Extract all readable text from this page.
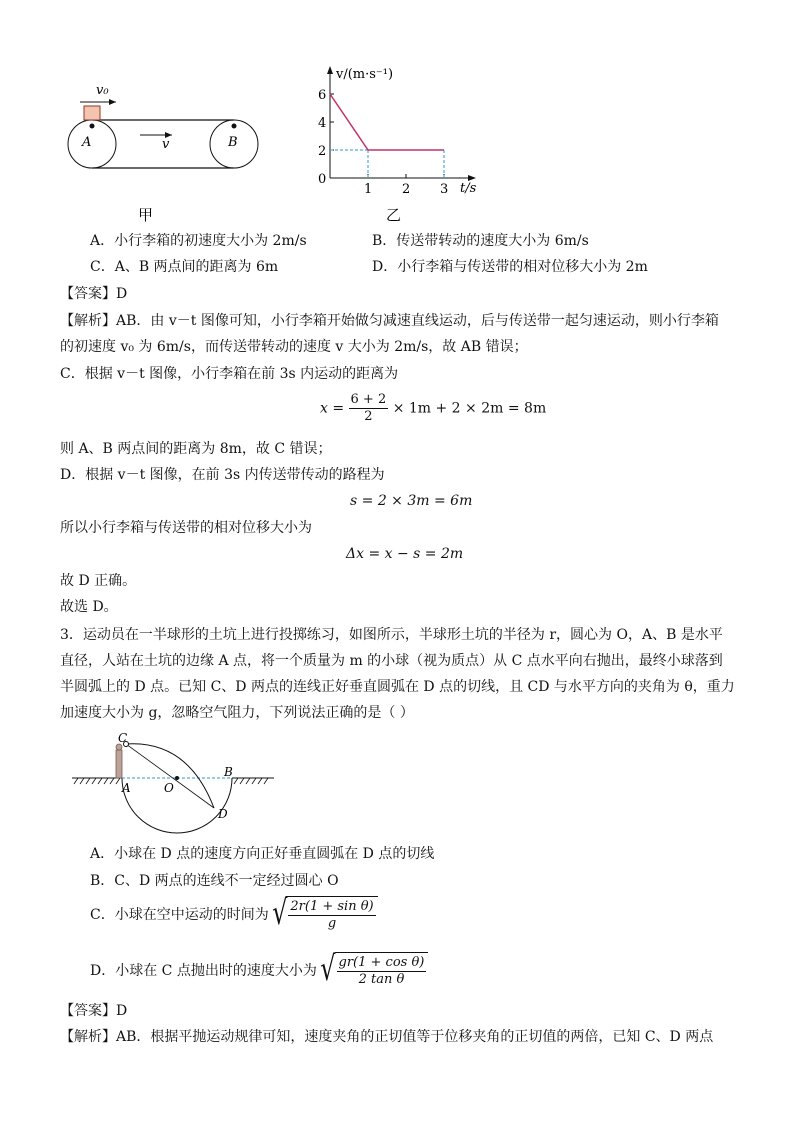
v₀
v
A	B
甲
v/(m·s⁻¹)
t/s
6
4
2
0
1 2 3
乙
A．小行李箱的初速度大小为 2m/s	B．传送带转动的速度大小为 6m/s
C．A、B 两点间的距离为 6m	D．小行李箱与传送带的相对位移大小为 2m
【答案】D
【解析】AB．由 v－t 图像可知，小行李箱开始做匀减速直线运动，后与传送带一起匀速运动，则小行李箱
的初速度 v₀ 为 6m/s，而传送带转动的速度 v 大小为 2m/s，故 AB 错误；
C．根据 v－t 图像，小行李箱在前 3s 内运动的距离为
$x = \frac{6 + 2}{2} \times 1m + 2 \times 2m = 8m$
则 A、B 两点间的距离为 8m，故 C 错误；
D．根据 v－t 图像，在前 3s 内传送带传动的路程为
s = 2 × 3m = 6m
所以小行李箱与传送带的相对位移大小为
Δx = x − s = 2m
故 D 正确。
故选 D。
3．运动员在一半球形的土坑上进行投掷练习，如图所示，半球形土坑的半径为 r，圆心为 O，A、B 是水平
直径，人站在土坑的边缘 A 点，将一个质量为 m 的小球（视为质点）从 C 点水平向右抛出，最终小球落到
半圆弧上的 D 点。已知 C、D 两点的连线正好垂直圆弧在 D 点的切线，且 CD 与水平方向的夹角为 θ，重力
加速度大小为 g，忽略空气阻力，下列说法正确的是（ ）
C
A	O
B
D
A．小球在 D 点的速度方向正好垂直圆弧在 D 点的切线
B．C、D 两点的连线不一定经过圆心 O
C．小球在空中运动的时间为 √ $\frac{\text{2r(1 + sin θ)}}{g}$
D．小球在 C 点抛出时的速度大小为 √ $\frac{\text{gr(1 + cos θ)}}{\text{2 tan θ}}$
【答案】D
【解析】AB．根据平抛运动规律可知，速度夹角的正切值等于位移夹角的正切值的两倍，已知 C、D 两点
